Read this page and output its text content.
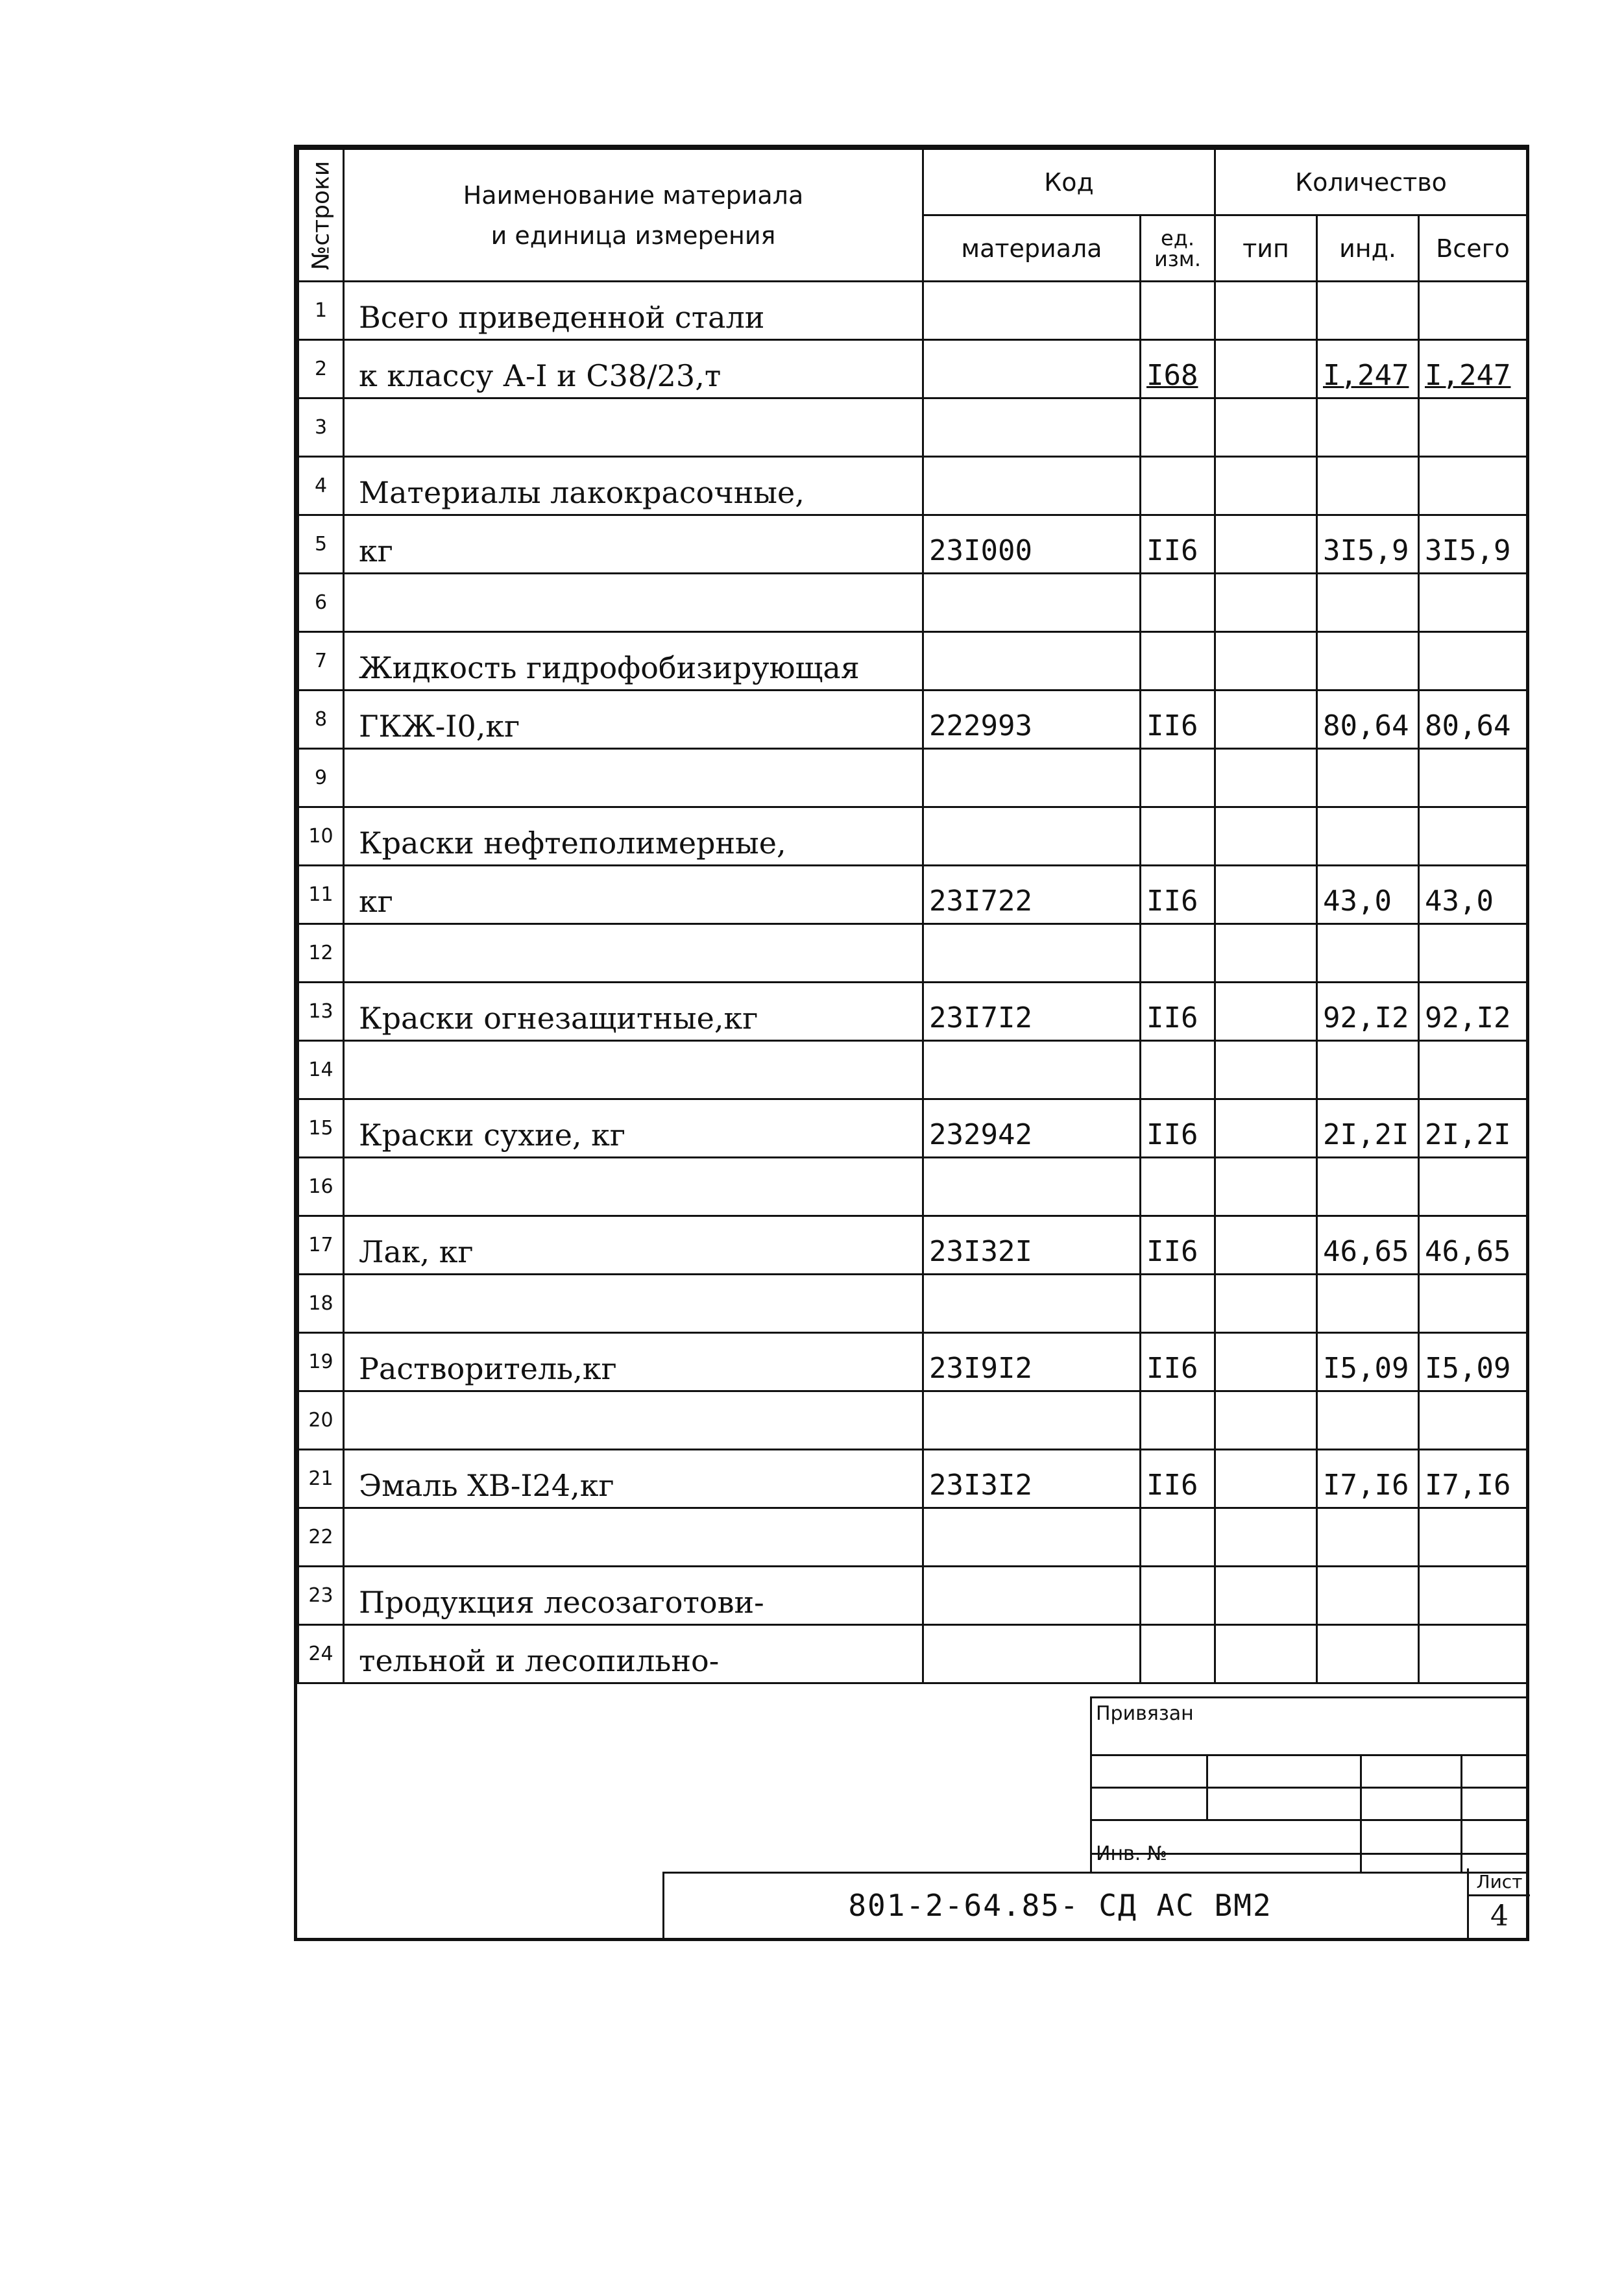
№строки	Наименование материала
и единица измерения	Код		Количество		
		материала	ед. изм.	тип	инд.	Всего
1	Всего приведенной стали					
2	к классу А-I и С38/23,т		I68		I,247	I,247
3						
4	Материалы лакокрасочные,					
5	кг	23I000	II6		3I5,9	3I5,9
6						
7	Жидкость гидрофобизирующая					
8	ГКЖ-I0,кг	222993	II6		80,64	80,64
9						
10	Краски нефтеполимерные,					
11	кг	23I722	II6		43,0	43,0
12						
13	Краски огнезащитные,кг	23I7I2	II6		92,I2	92,I2
14						
15	Краски сухие, кг	232942	II6		2I,2I	2I,2I
16						
17	Лак, кг	23I32I	II6		46,65	46,65
18						
19	Растворитель,кг	23I9I2	II6		I5,09	I5,09
20						
21	Эмаль ХВ-I24,кг	23I3I2	II6		I7,I6	I7,I6
22						
23	Продукция лесозаготови-					
24	тельной и лесопильно-					
Привязан
Инв. №
801-2-64.85- СД АС ВМ2
Лист
4
